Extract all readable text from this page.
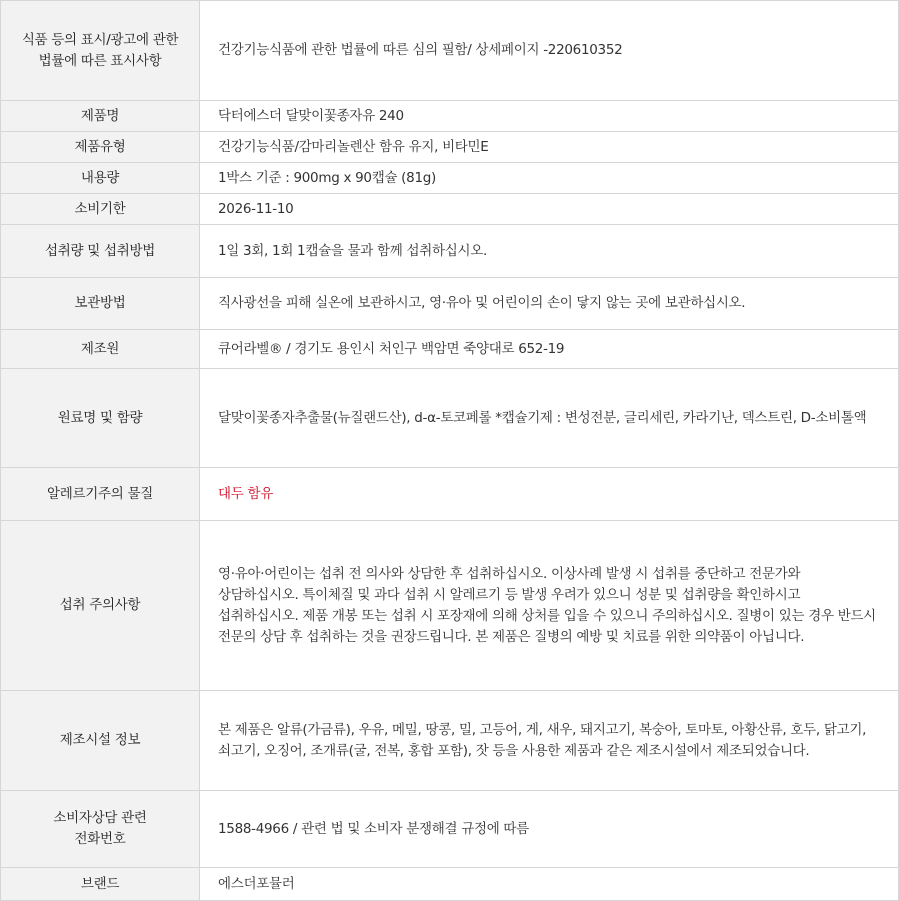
식품 등의 표시/광고에 관한
법률에 따른 표시사항	건강기능식품에 관한 법률에 따른 심의 필함/ 상세페이지 -220610352
제품명	닥터에스더 달맞이꽃종자유 240
제품유형	건강기능식품/감마리놀렌산 함유 유지, 비타민E
내용량	1박스 기준 : 900mg x 90캡슐 (81g)
소비기한	2026-11-10
섭취량 및 섭취방법	1일 3회, 1회 1캡슐을 물과 함께 섭취하십시오.
보관방법	직사광선을 피해 실온에 보관하시고, 영·유아 및 어린이의 손이 닿지 않는 곳에 보관하십시오.
제조원	큐어라벨® / 경기도 용인시 처인구 백암면 죽양대로 652-19
원료명 및 함량	달맞이꽃종자추출물(뉴질랜드산), d-α-토코페롤 *캡슐기제 : 변성전분, 글리세린, 카라기난, 덱스트린, D-소비톨액
알레르기주의 물질	대두 함유
섭취 주의사항	영·유아·어린이는 섭취 전 의사와 상담한 후 섭취하십시오. 이상사례 발생 시 섭취를 중단하고 전문가와 상담하십시오. 특이체질 및 과다 섭취 시 알레르기 등 발생 우려가 있으니 성분 및 섭취량을 확인하시고 섭취하십시오. 제품 개봉 또는 섭취 시 포장재에 의해 상처를 입을 수 있으니 주의하십시오. 질병이 있는 경우 반드시 전문의 상담 후 섭취하는 것을 권장드립니다. 본 제품은 질병의 예방 및 치료를 위한 의약품이 아닙니다.
제조시설 정보	본 제품은 알류(가금류), 우유, 메밀, 땅콩, 밀, 고등어, 게, 새우, 돼지고기, 복숭아, 토마토, 아황산류, 호두, 닭고기, 쇠고기, 오징어, 조개류(굴, 전복, 홍합 포함), 잣 등을 사용한 제품과 같은 제조시설에서 제조되었습니다.
소비자상담 관련
전화번호	1588-4966 / 관련 법 및 소비자 분쟁해결 규정에 따름
브랜드	에스더포뮬러
